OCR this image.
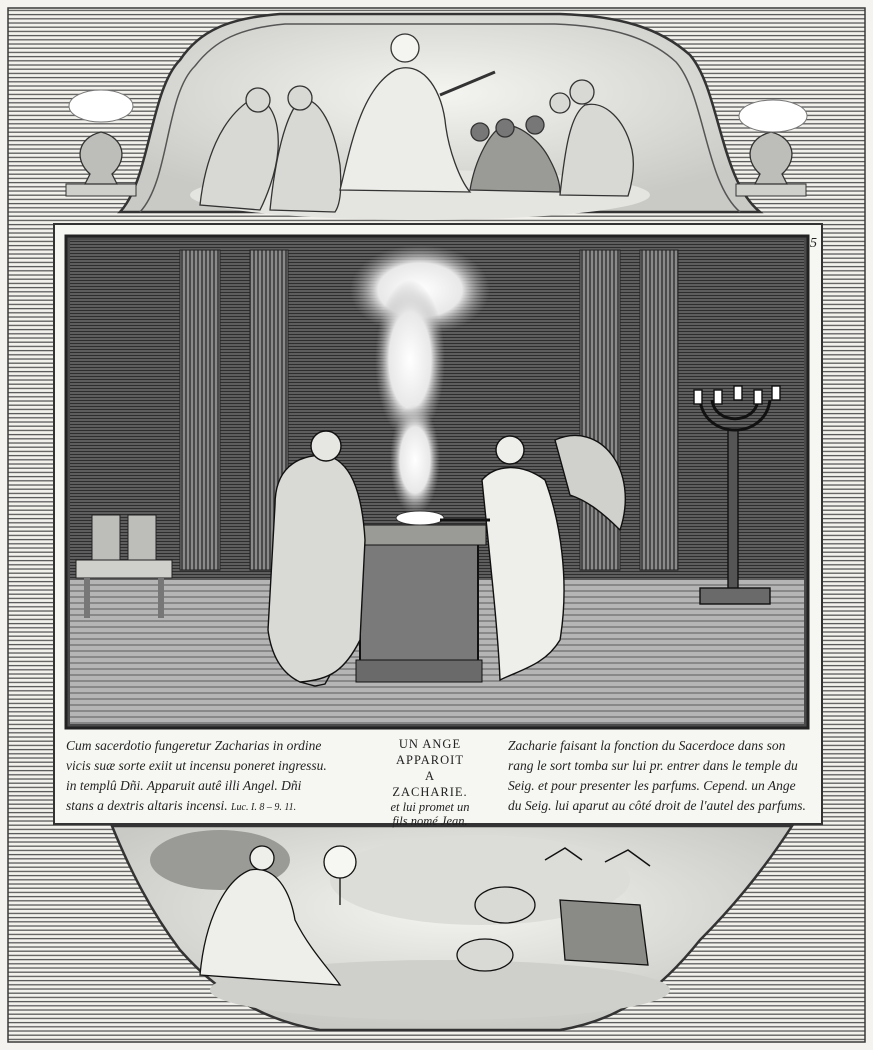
5
Cum sacerdotio fungeretur Zacharias in ordine
vicis suæ sorte exiit ut incensu poneret ingressu.
in templû Dñi. Apparuit autê illi Angel. Dñi
stans a dextris altaris incensi. Luc. I. 8 – 9. 11.
UN ANGE
APPAROIT
A
ZACHARIE.
et lui promet un
fils nomé Jean.
Zacharie faisant la fonction du Sacerdoce dans son
rang le sort tomba sur lui pr. entrer dans le temple du
Seig. et pour presenter les parfums. Cepend. un Ange
du Seig. lui aparut au côté droit de l'autel des parfums.
